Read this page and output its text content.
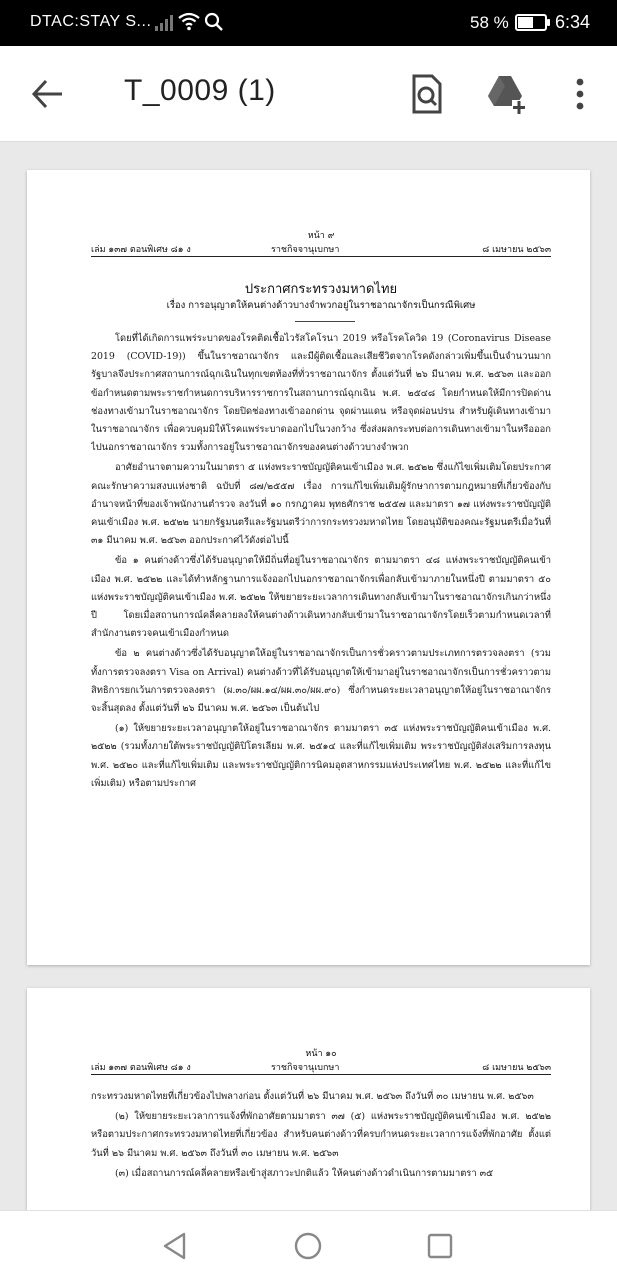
DTAC:STAY S...	58 %	6:34
T_0009 (1)
หน้า ๙
เล่ม ๑๓๗ ตอนพิเศษ ๘๑ ง	ราชกิจจานุเบกษา	๘ เมษายน ๒๕๖๓
ประกาศกระทรวงมหาดไทย
เรื่อง การอนุญาตให้คนต่างด้าวบางจำพวกอยู่ในราชอาณาจักรเป็นกรณีพิเศษ

โดยที่ได้เกิดการแพร่ระบาดของโรคติดเชื้อไวรัสโคโรนา 2019 หรือโรคโควิด 19 (Coronavirus Disease 2019 (COVID-19)) ขึ้นในราชอาณาจักร และมีผู้ติดเชื้อและเสียชีวิตจากโรคดังกล่าวเพิ่มขึ้นเป็นจำนวนมาก รัฐบาลจึงประกาศสถานการณ์ฉุกเฉินในทุกเขตท้องที่ทั่วราชอาณาจักร ตั้งแต่วันที่ ๒๖ มีนาคม พ.ศ. ๒๕๖๓ และออกข้อกำหนดตามพระราชกำหนดการบริหารราชการในสถานการณ์ฉุกเฉิน พ.ศ. ๒๕๔๘ โดยกำหนดให้มีการปิดด่านช่องทางเข้ามาในราชอาณาจักร โดยปิดช่องทางเข้าออกด่าน จุดผ่านแดน หรือจุดผ่อนปรน สำหรับผู้เดินทางเข้ามาในราชอาณาจักร เพื่อควบคุมมิให้โรคแพร่ระบาดออกไปในวงกว้าง ซึ่งส่งผลกระทบต่อการเดินทางเข้ามาในหรือออกไปนอกราชอาณาจักร รวมทั้งการอยู่ในราชอาณาจักรของคนต่างด้าวบางจำพวก

อาศัยอำนาจตามความในมาตรา ๕ แห่งพระราชบัญญัติคนเข้าเมือง พ.ศ. ๒๕๒๒ ซึ่งแก้ไขเพิ่มเติมโดยประกาศคณะรักษาความสงบแห่งชาติ ฉบับที่ ๘๗/๒๕๕๗ เรื่อง การแก้ไขเพิ่มเติมผู้รักษาการตามกฎหมายที่เกี่ยวข้องกับอำนาจหน้าที่ของเจ้าพนักงานตำรวจ ลงวันที่ ๑๐ กรกฎาคม พุทธศักราช ๒๕๕๗ และมาตรา ๑๗ แห่งพระราชบัญญัติคนเข้าเมือง พ.ศ. ๒๕๒๒ นายกรัฐมนตรีและรัฐมนตรีว่าการกระทรวงมหาดไทย โดยอนุมัติของคณะรัฐมนตรีเมื่อวันที่ ๓๑ มีนาคม พ.ศ. ๒๕๖๓ ออกประกาศไว้ดังต่อไปนี้

ข้อ ๑ คนต่างด้าวซึ่งได้รับอนุญาตให้มีถิ่นที่อยู่ในราชอาณาจักร ตามมาตรา ๔๘ แห่งพระราชบัญญัติคนเข้าเมือง พ.ศ. ๒๕๒๒ และได้ทำหลักฐานการแจ้งออกไปนอกราชอาณาจักรเพื่อกลับเข้ามาภายในหนึ่งปี ตามมาตรา ๕๐ แห่งพระราชบัญญัติคนเข้าเมือง พ.ศ. ๒๕๒๒ ให้ขยายระยะเวลาการเดินทางกลับเข้ามาในราชอาณาจักรเกินกว่าหนึ่งปี โดยเมื่อสถานการณ์คลี่คลายลงให้คนต่างด้าวเดินทางกลับเข้ามาในราชอาณาจักรโดยเร็วตามกำหนดเวลาที่สำนักงานตรวจคนเข้าเมืองกำหนด

ข้อ ๒ คนต่างด้าวซึ่งได้รับอนุญาตให้อยู่ในราชอาณาจักรเป็นการชั่วคราวตามประเภทการตรวจลงตรา (รวมทั้งการตรวจลงตรา Visa on Arrival) คนต่างด้าวที่ได้รับอนุญาตให้เข้ามาอยู่ในราชอาณาจักรเป็นการชั่วคราวตามสิทธิการยกเว้นการตรวจลงตรา (ผ.๓๐/ผผ.๑๔/ผผ.๓๐/ผผ.๙๐) ซึ่งกำหนดระยะเวลาอนุญาตให้อยู่ในราชอาณาจักรจะสิ้นสุดลง ตั้งแต่วันที่ ๒๖ มีนาคม พ.ศ. ๒๕๖๓ เป็นต้นไป

(๑) ให้ขยายระยะเวลาอนุญาตให้อยู่ในราชอาณาจักร ตามมาตรา ๓๕ แห่งพระราชบัญญัติคนเข้าเมือง พ.ศ. ๒๕๒๒ (รวมทั้งภายใต้พระราชบัญญัติปิโตรเลียม พ.ศ. ๒๕๑๔ และที่แก้ไขเพิ่มเติม พระราชบัญญัติส่งเสริมการลงทุน พ.ศ. ๒๕๒๐ และที่แก้ไขเพิ่มเติม และพระราชบัญญัติการนิคมอุตสาหกรรมแห่งประเทศไทย พ.ศ. ๒๕๒๒ และที่แก้ไขเพิ่มเติม) หรือตามประกาศ

หน้า ๑๐
เล่ม ๑๓๗ ตอนพิเศษ ๘๑ ง	ราชกิจจานุเบกษา	๘ เมษายน ๒๕๖๓

กระทรวงมหาดไทยที่เกี่ยวข้องไปพลางก่อน ตั้งแต่วันที่ ๒๖ มีนาคม พ.ศ. ๒๕๖๓ ถึงวันที่ ๓๐ เมษายน พ.ศ. ๒๕๖๓

(๒) ให้ขยายระยะเวลาการแจ้งที่พักอาศัยตามมาตรา ๓๗ (๕) แห่งพระราชบัญญัติคนเข้าเมือง พ.ศ. ๒๕๒๒ หรือตามประกาศกระทรวงมหาดไทยที่เกี่ยวข้อง สำหรับคนต่างด้าวที่ครบกำหนดระยะเวลาการแจ้งที่พักอาศัย ตั้งแต่วันที่ ๒๖ มีนาคม พ.ศ. ๒๕๖๓ ถึงวันที่ ๓๐ เมษายน พ.ศ. ๒๕๖๓

(๓) เมื่อสถานการณ์คลี่คลายหรือเข้าสู่สภาวะปกติแล้ว ให้คนต่างด้าวดำเนินการตามมาตรา ๓๕
